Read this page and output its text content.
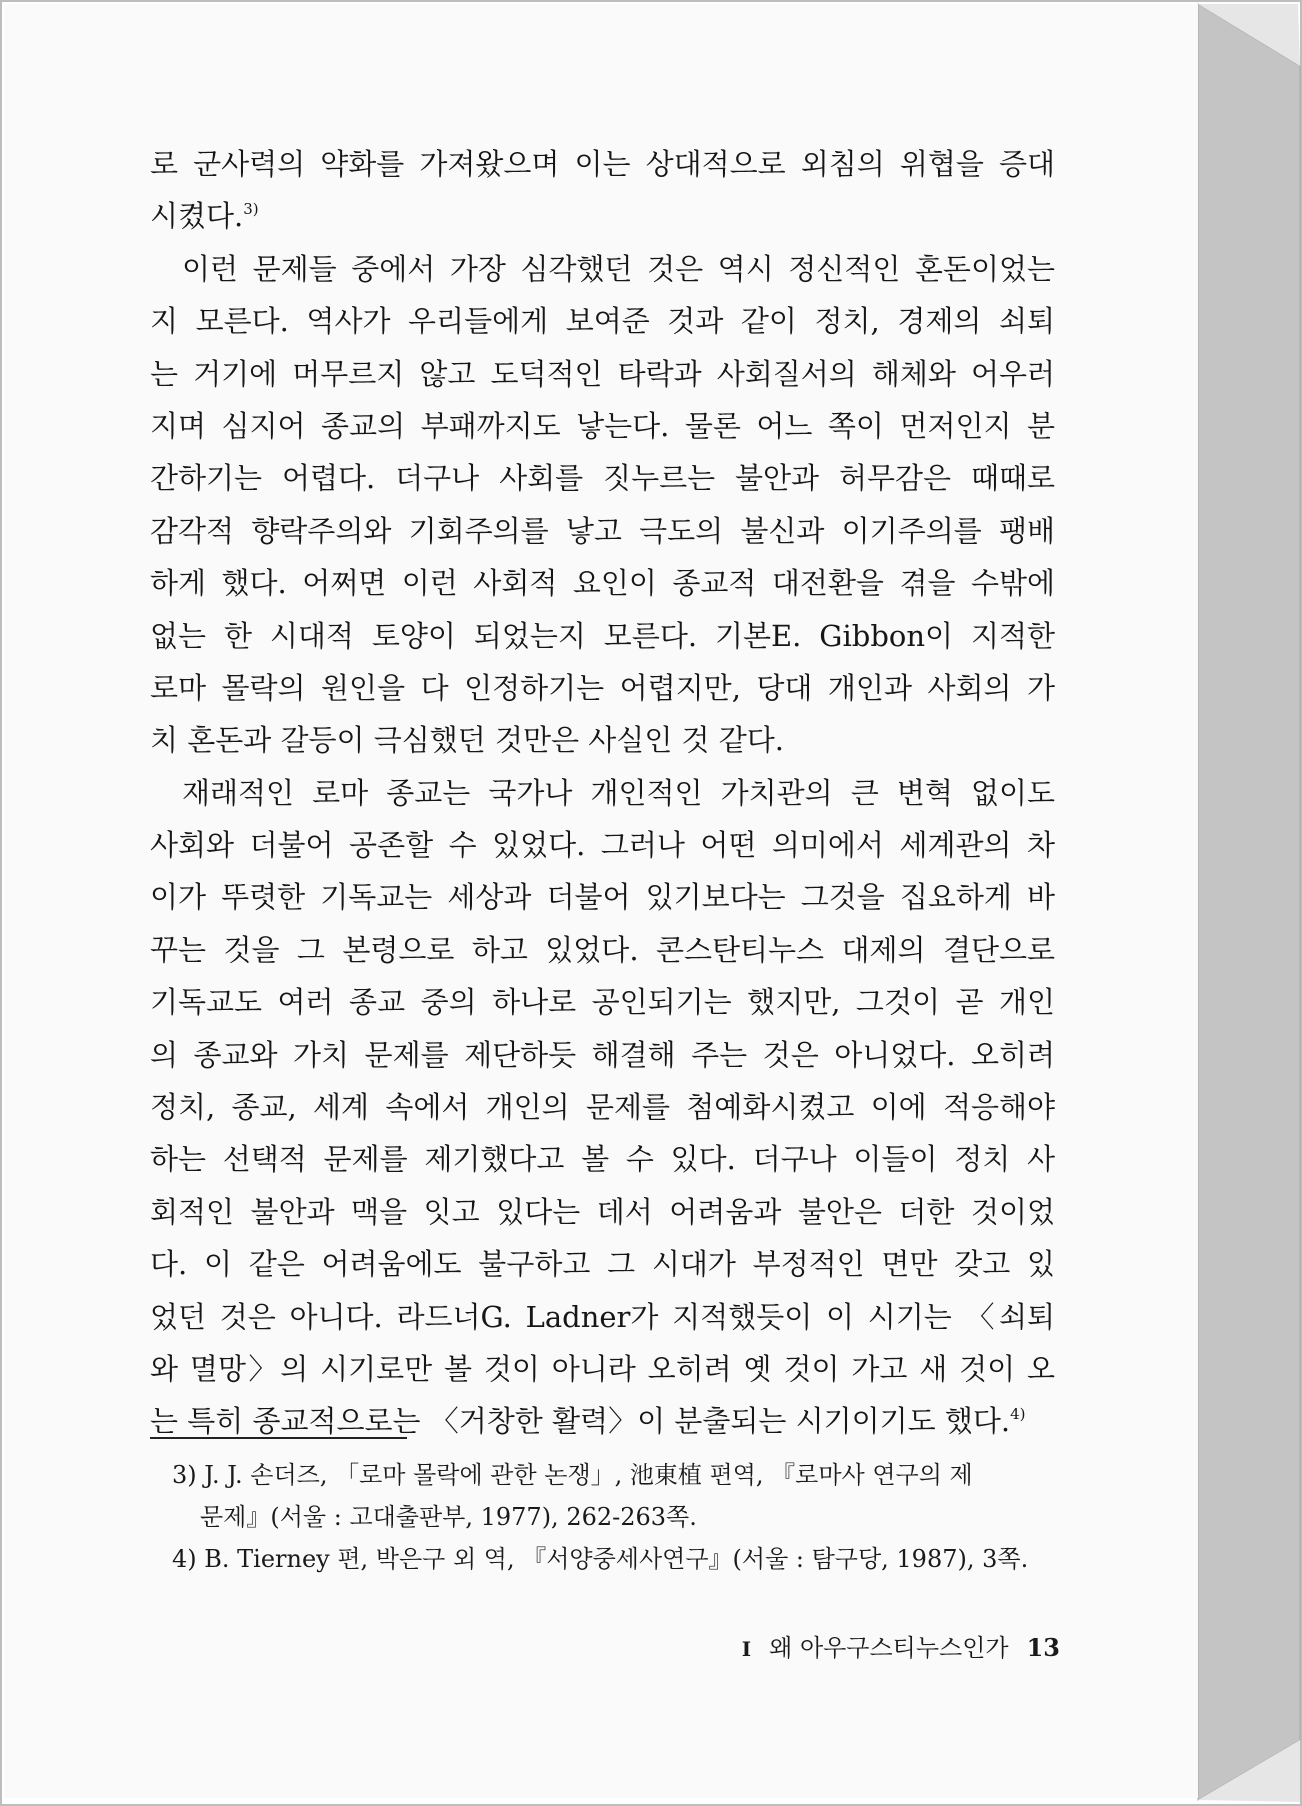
로 군사력의 약화를 가져왔으며 이는 상대적으로 외침의 위협을 증대
시켰다.$^{3)}$
이런 문제들 중에서 가장 심각했던 것은 역시 정신적인 혼돈이었는
지 모른다. 역사가 우리들에게 보여준 것과 같이 정치, 경제의 쇠퇴
는 거기에 머무르지 않고 도덕적인 타락과 사회질서의 해체와 어우러
지며 심지어 종교의 부패까지도 낳는다. 물론 어느 쪽이 먼저인지 분
간하기는 어렵다. 더구나 사회를 짓누르는 불안과 허무감은 때때로
감각적 향락주의와 기회주의를 낳고 극도의 불신과 이기주의를 팽배
하게 했다. 어쩌면 이런 사회적 요인이 종교적 대전환을 겪을 수밖에
없는 한 시대적 토양이 되었는지 모른다. 기본E. Gibbon이 지적한
로마 몰락의 원인을 다 인정하기는 어렵지만, 당대 개인과 사회의 가
치 혼돈과 갈등이 극심했던 것만은 사실인 것 같다.
재래적인 로마 종교는 국가나 개인적인 가치관의 큰 변혁 없이도
사회와 더불어 공존할 수 있었다. 그러나 어떤 의미에서 세계관의 차
이가 뚜렷한 기독교는 세상과 더불어 있기보다는 그것을 집요하게 바
꾸는 것을 그 본령으로 하고 있었다. 콘스탄티누스 대제의 결단으로
기독교도 여러 종교 중의 하나로 공인되기는 했지만, 그것이 곧 개인
의 종교와 가치 문제를 제단하듯 해결해 주는 것은 아니었다. 오히려
정치, 종교, 세계 속에서 개인의 문제를 첨예화시켰고 이에 적응해야
하는 선택적 문제를 제기했다고 볼 수 있다. 더구나 이들이 정치 사
회적인 불안과 맥을 잇고 있다는 데서 어려움과 불안은 더한 것이었
다. 이 같은 어려움에도 불구하고 그 시대가 부정적인 면만 갖고 있
었던 것은 아니다. 라드너G. Ladner가 지적했듯이 이 시기는 〈쇠퇴
와 멸망〉의 시기로만 볼 것이 아니라 오히려 옛 것이 가고 새 것이 오
는 특히 종교적으로는 〈거창한 활력〉이 분출되는 시기이기도 했다.$^{4)}$
3) J. J. 손더즈, 「로마 몰락에 관한 논쟁」, 池東植 편역, 『로마사 연구의 제
문제』(서울 : 고대출판부, 1977), 262-263쪽.
4) B. Tierney 편, 박은구 외 역, 『서양중세사연구』(서울 : 탐구당, 1987), 3쪽.
I 왜 아우구스티누스인가 13
